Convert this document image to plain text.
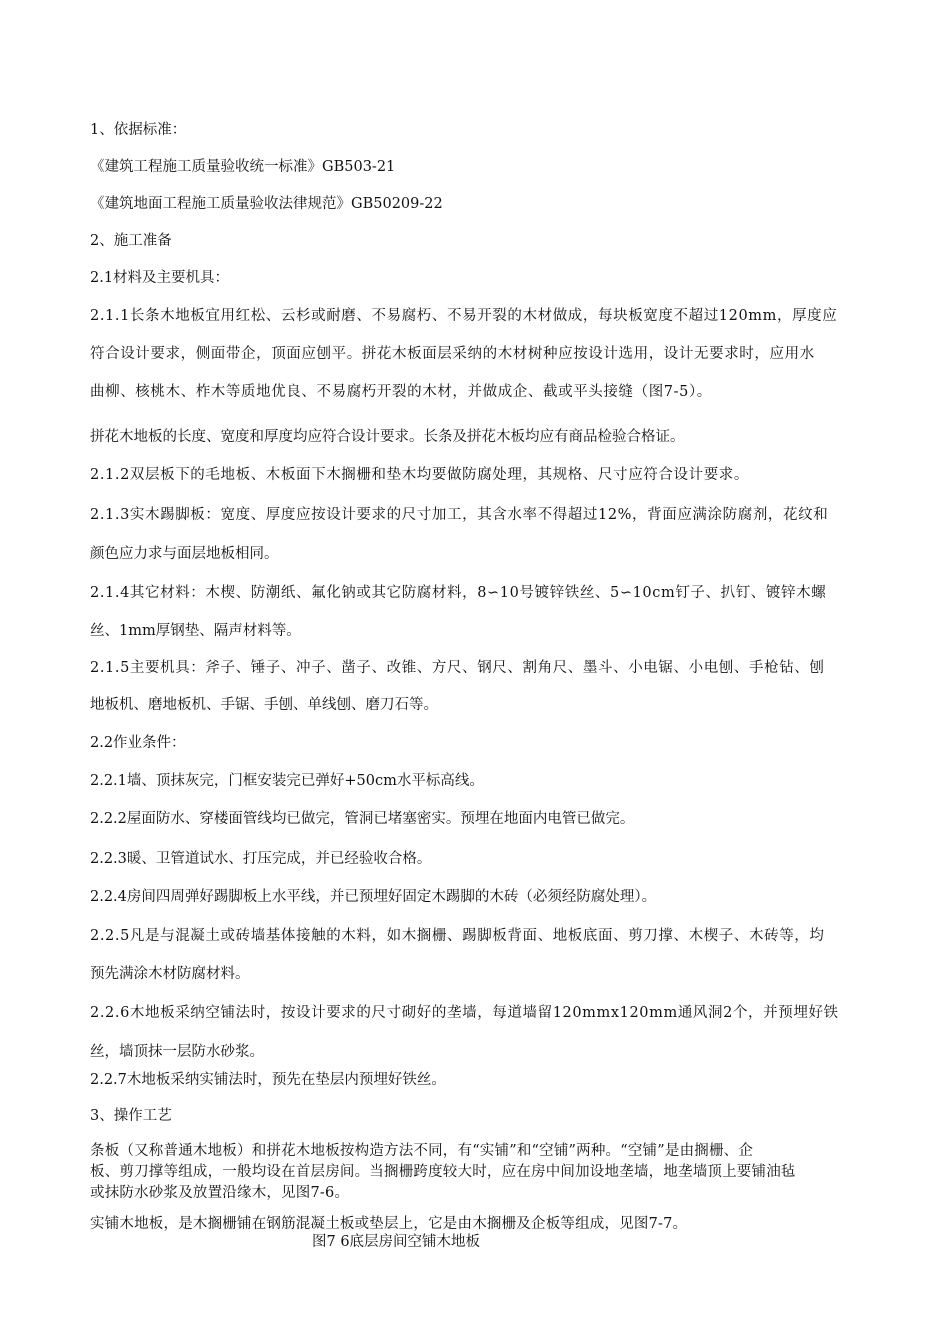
1、依据标准：
《建筑工程施工质量验收统一标准》GB503-21
《建筑地面工程施工质量验收法律规范》GB50209-22
2、施工准备
2.1材料及主要机具：
2.1.1长条木地板宜用红松、云杉或耐磨、不易腐朽、不易开裂的木材做成，每块板宽度不超过120mm，厚度应
符合设计要求，侧面带企，顶面应刨平。拼花木板面层采纳的木材树种应按设计选用，设计无要求时，应用水
曲柳、核桃木、柞木等质地优良、不易腐朽开裂的木材，并做成企、截或平头接缝（图7-5）。
拼花木地板的长度、宽度和厚度均应符合设计要求。长条及拼花木板均应有商品检验合格证。
2.1.2双层板下的毛地板、木板面下木搁栅和垫木均要做防腐处理，其规格、尺寸应符合设计要求。
2.1.3实木踢脚板：宽度、厚度应按设计要求的尺寸加工，其含水率不得超过12%，背面应满涂防腐剂，花纹和
颜色应力求与面层地板相同。
2.1.4其它材料：木楔、防潮纸、氟化钠或其它防腐材料，8∽10号镀锌铁丝、5∽10cm钉子、扒钉、镀锌木螺
丝、1mm厚钢垫、隔声材料等。
2.1.5主要机具：斧子、锤子、冲子、凿子、改锥、方尺、钢尺、割角尺、墨斗、小电锯、小电刨、手枪钻、刨
地板机、磨地板机、手锯、手刨、单线刨、磨刀石等。
2.2作业条件：
2.2.1墙、顶抹灰完，门框安装完已弹好+50cm水平标高线。
2.2.2屋面防水、穿楼面管线均已做完，管洞已堵塞密实。预埋在地面内电管已做完。
2.2.3暖、卫管道试水、打压完成，并已经验收合格。
2.2.4房间四周弹好踢脚板上水平线，并已预埋好固定木踢脚的木砖（必须经防腐处理）。
2.2.5凡是与混凝土或砖墙基体接触的木料，如木搁栅、踢脚板背面、地板底面、剪刀撑、木楔子、木砖等，均
预先满涂木材防腐材料。
2.2.6木地板采纳空铺法时，按设计要求的尺寸砌好的垄墙，每道墙留120mmx120mm通风洞2个，并预埋好铁
丝，墙顶抹一层防水砂浆。
2.2.7木地板采纳实铺法时，预先在垫层内预埋好铁丝。
3、操作工艺
条板（又称普通木地板）和拼花木地板按构造方法不同，有“实铺”和“空铺”两种。“空铺”是由搁栅、企
板、剪刀撑等组成，一般均设在首层房间。当搁栅跨度较大时，应在房中间加设地垄墙，地垄墙顶上要铺油毡
或抹防水砂浆及放置沿缘木，见图7-6。
实铺木地板，是木搁栅铺在钢筋混凝土板或垫层上，它是由木搁栅及企板等组成，见图7-7。
图7 6底层房间空铺木地板
